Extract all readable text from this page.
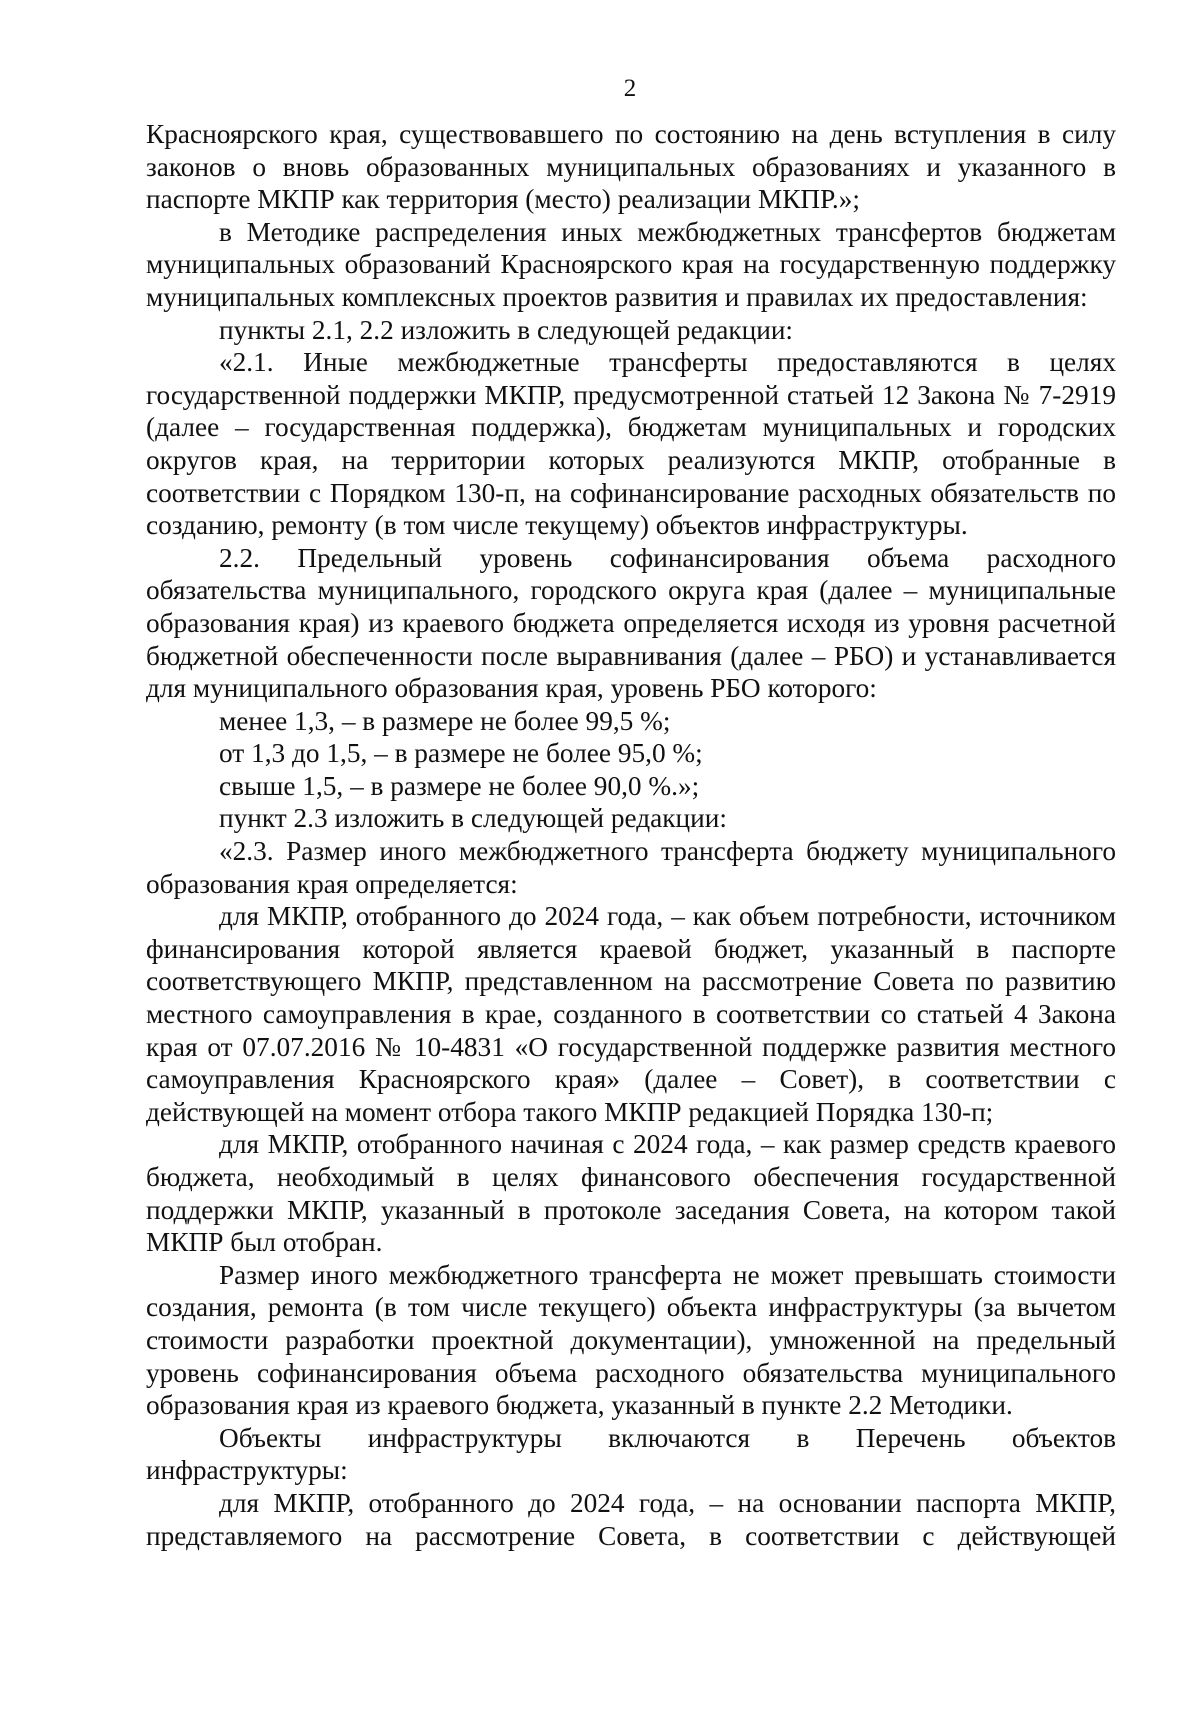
2

Красноярского края, существовавшего по состоянию на день вступления в силу законов о вновь образованных муниципальных образованиях и указанного в паспорте МКПР как территория (место) реализации МКПР.»;

в Методике распределения иных межбюджетных трансфертов бюджетам муниципальных образований Красноярского края на государственную поддержку муниципальных комплексных проектов развития и правилах их предоставления:

пункты 2.1, 2.2 изложить в следующей редакции:

«2.1. Иные межбюджетные трансферты предоставляются в целях государственной поддержки МКПР, предусмотренной статьей 12 Закона № 7-2919 (далее – государственная поддержка), бюджетам муниципальных и городских округов края, на территории которых реализуются МКПР, отобранные в соответствии с Порядком 130-п, на софинансирование расходных обязательств по созданию, ремонту (в том числе текущему) объектов инфраструктуры.

2.2. Предельный уровень софинансирования объема расходного обязательства муниципального, городского округа края (далее – муниципальные образования края) из краевого бюджета определяется исходя из уровня расчетной бюджетной обеспеченности после выравнивания (далее – РБО) и устанавливается для муниципального образования края, уровень РБО которого:

менее 1,3, – в размере не более 99,5 %;

от 1,3 до 1,5, – в размере не более 95,0 %;

свыше 1,5, – в размере не более 90,0 %.»;

пункт 2.3 изложить в следующей редакции:

«2.3. Размер иного межбюджетного трансферта бюджету муниципального образования края определяется:

для МКПР, отобранного до 2024 года, – как объем потребности, источником финансирования которой является краевой бюджет, указанный в паспорте соответствующего МКПР, представленном на рассмотрение Совета по развитию местного самоуправления в крае, созданного в соответствии со статьей 4 Закона края от 07.07.2016 № 10-4831 «О государственной поддержке развития местного самоуправления Красноярского края» (далее – Совет), в соответствии с действующей на момент отбора такого МКПР редакцией Порядка 130-п;

для МКПР, отобранного начиная с 2024 года, – как размер средств краевого бюджета, необходимый в целях финансового обеспечения государственной поддержки МКПР, указанный в протоколе заседания Совета, на котором такой МКПР был отобран.

Размер иного межбюджетного трансферта не может превышать стоимости создания, ремонта (в том числе текущего) объекта инфраструктуры (за вычетом стоимости разработки проектной документации), умноженной на предельный уровень софинансирования объема расходного обязательства муниципального образования края из краевого бюджета, указанный в пункте 2.2 Методики.

Объекты инфраструктуры включаются в Перечень объектов инфраструктуры:

для МКПР, отобранного до 2024 года, – на основании паспорта МКПР, представляемого на рассмотрение Совета, в соответствии с действующей
